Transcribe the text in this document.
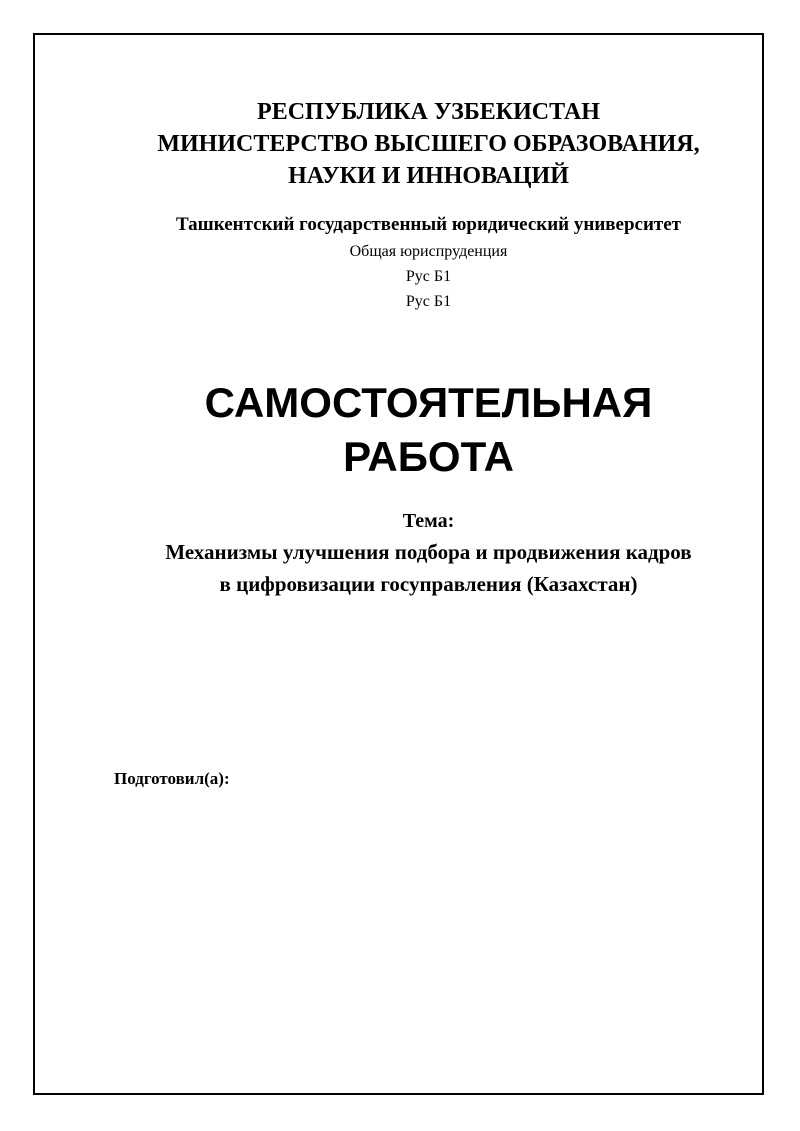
РЕСПУБЛИКА УЗБЕКИСТАН
МИНИСТЕРСТВО ВЫСШЕГО ОБРАЗОВАНИЯ,
НАУКИ И ИННОВАЦИЙ
Ташкентский государственный юридический университет
Общая юриспруденция
Рус Б1
Рус Б1
САМОСТОЯТЕЛЬНАЯ
РАБОТА
Тема:
Механизмы улучшения подбора и продвижения кадров
в цифровизации госуправления (Казахстан)
Подготовил(а):
